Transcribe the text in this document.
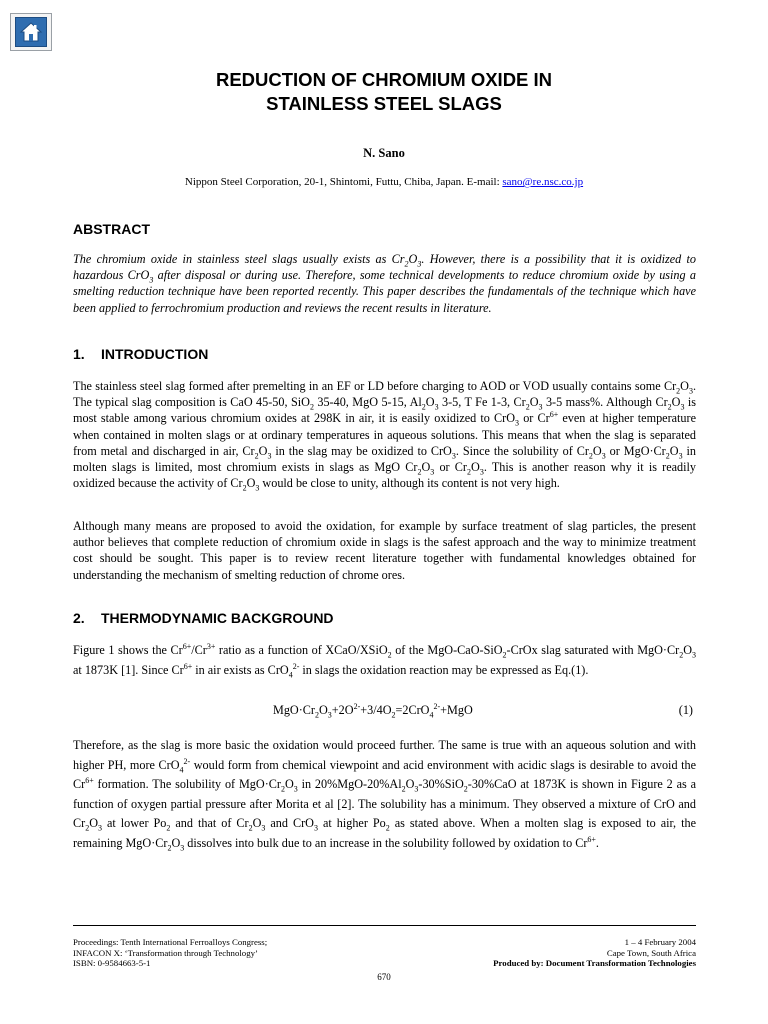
REDUCTION OF CHROMIUM OXIDE IN
STAINLESS STEEL SLAGS
N. Sano
Nippon Steel Corporation, 20-1, Shintomi, Futtu, Chiba, Japan. E-mail: sano@re.nsc.co.jp
ABSTRACT

The chromium oxide in stainless steel slags usually exists as $Cr_2O_3$. However, there is a possibility that it is oxidized to hazardous CrO$_3$ after disposal or during use. Therefore, some technical developments to reduce chromium oxide by using a smelting reduction technique have been reported recently. This paper describes the fundamentals of the technique which have been applied to ferrochromium production and reviews the recent results in literature.

1. INTRODUCTION

The stainless steel slag formed after premelting in an EF or LD before charging to AOD or VOD usually contains some $Cr_2O_3$. The typical slag composition is CaO 45-50, SiO$_2$ 35-40, MgO 5-15, $Al_2O_3$ 3-5, T Fe 1-3, $Cr_2O_3$ 3-5 mass%. Although $Cr_2O_3$ is most stable among various chromium oxides at 298K in air, it is easily oxidized to CrO$_3$ or $Cr^{6+}$ even at higher temperature when contained in molten slags or at ordinary temperatures in aqueous solutions. This means that when the slag is separated from metal and discharged in air, $Cr_2O_3$ in the slag may be oxidized to CrO$_3$. Since the solubility of $Cr_2O_3$ or $MgO\cdot Cr_2O_3$ in molten slags is limited, most chromium exists in slags as MgO $Cr_2O_3$ or $Cr_2O_3$. This is another reason why it is readily oxidized because the activity of $Cr_2O_3$ would be close to unity, although its content is not very high.

Although many means are proposed to avoid the oxidation, for example by surface treatment of slag particles, the present author believes that complete reduction of chromium oxide in slags is the safest approach and the way to minimize treatment cost should be sought. This paper is to review recent literature together with fundamental knowledges obtained for understanding the mechanism of smelting reduction of chrome ores.

2. THERMODYNAMIC BACKGROUND

Figure 1 shows the $Cr^{6+}/Cr^{3+}$ ratio as a function of XCaO/XSiO$_2$ of the MgO-CaO-SiO$_2$-CrOx slag saturated with $MgO\cdot Cr_2O_3$ at 1873K [1]. Since $Cr^{6+}$ in air exists as CrO$_4^{2-}$ in slags the oxidation reaction may be expressed as Eq.(1).

$MgO\cdot Cr_2O_3+2O^{2-}+3/4O_2=2CrO_4^{2-}+MgO$	(1)

Therefore, as the slag is more basic the oxidation would proceed further. The same is true with an aqueous solution and with higher PH, more CrO$_4^{2-}$ would form from chemical viewpoint and acid environment with acidic slags is desirable to avoid the $Cr^{6+}$ formation. The solubility of $MgO\cdot Cr_2O_3$ in $20\%MgO-20\%Al_2O_3-30\%SiO_2-30\%CaO$ at 1873K is shown in Figure 2 as a function of oxygen partial pressure after Morita et al [2]. The solubility has a minimum. They observed a mixture of CrO and $Cr_2O_3$ at lower $Po_2$ and that of $Cr_2O_3$ and CrO$_3$ at higher $Po_2$ as stated above. When a molten slag is exposed to air, the remaining $MgO\cdot Cr_2O_3$ dissolves into bulk due to an increase in the solubility followed by oxidation to $Cr^{6+}$.

Proceedings: Tenth International Ferroalloys Congress;
INFACON X: ‘Transformation through Technology’
ISBN: 0-9584663-5-1
1 – 4 February 2004
Cape Town, South Africa
Produced by: Document Transformation Technologies
670
